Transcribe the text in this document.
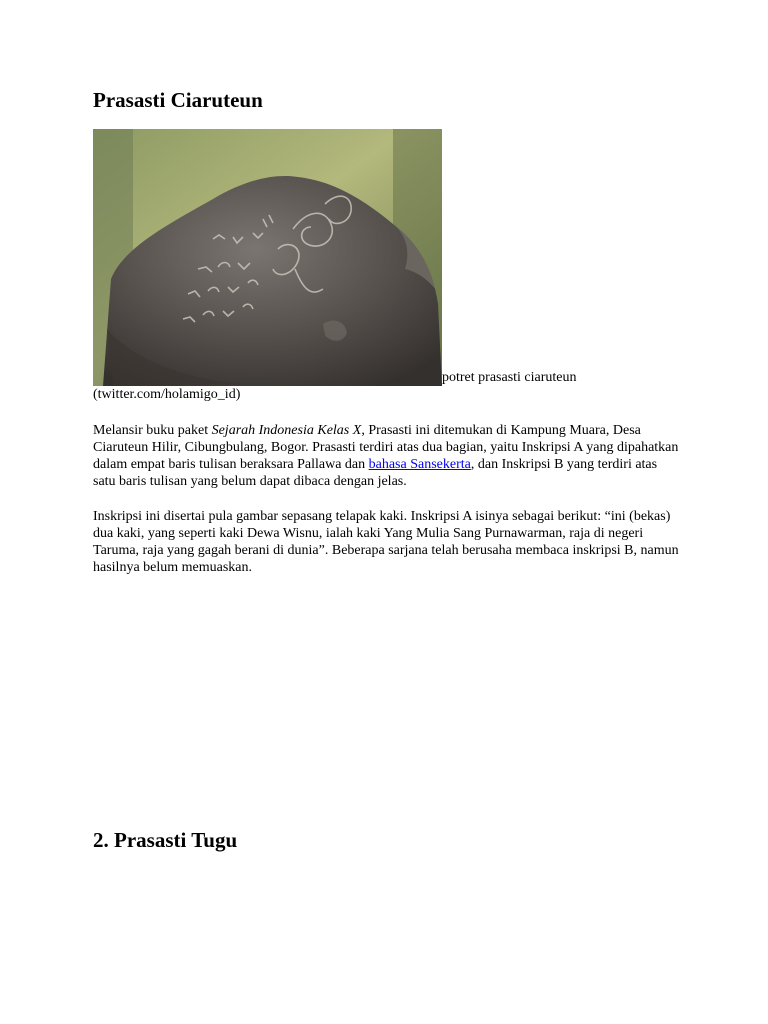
Prasasti Ciaruteun
potret prasasti ciaruteun
(twitter.com/holamigo_id)

Melansir buku paket Sejarah Indonesia Kelas X, Prasasti ini ditemukan di Kampung Muara, Desa Ciaruteun Hilir, Cibungbulang, Bogor. Prasasti terdiri atas dua bagian, yaitu Inskripsi A yang dipahatkan dalam empat baris tulisan beraksara Pallawa dan bahasa Sansekerta, dan Inskripsi B yang terdiri atas satu baris tulisan yang belum dapat dibaca dengan jelas.

Inskripsi ini disertai pula gambar sepasang telapak kaki. Inskripsi A isinya sebagai berikut: “ini (bekas) dua kaki, yang seperti kaki Dewa Wisnu, ialah kaki Yang Mulia Sang Purnawarman, raja di negeri Taruma, raja yang gagah berani di dunia”. Beberapa sarjana telah berusaha membaca inskripsi B, namun hasilnya belum memuaskan.

2. Prasasti Tugu
